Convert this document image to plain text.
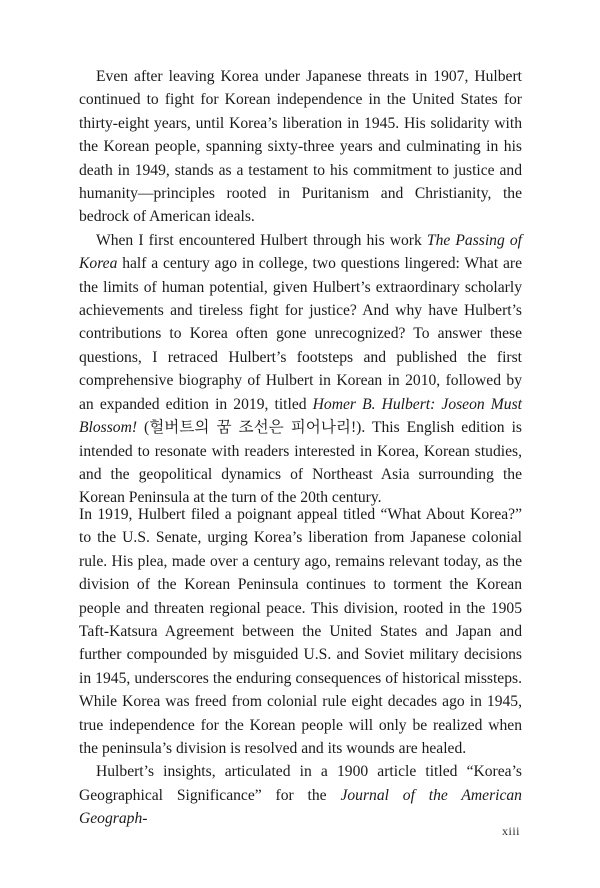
Even after leaving Korea under Japanese threats in 1907, Hulbert continued to fight for Korean independence in the United States for thirty-eight years, until Korea’s liberation in 1945. His solidarity with the Korean people, spanning sixty-three years and culminating in his death in 1949, stands as a testament to his commitment to justice and humanity—principles rooted in Puritanism and Christianity, the bedrock of American ideals.

When I first encountered Hulbert through his work The Passing of Korea half a century ago in college, two questions lingered: What are the limits of human potential, given Hulbert’s extraordinary scholarly achievements and tireless fight for justice? And why have Hulbert’s contributions to Korea often gone unrecognized? To answer these questions, I retraced Hulbert’s footsteps and published the first comprehensive biography of Hulbert in Korean in 2010, followed by an expanded edition in 2019, titled Homer B. Hulbert: Joseon Must Blossom! (헐버트의 꿈 조선은 피어나리!). This English edition is intended to resonate with readers interested in Korea, Korean studies, and the geopolitical dynamics of Northeast Asia surrounding the Korean Peninsula at the turn of the 20th century.

In 1919, Hulbert filed a poignant appeal titled “What About Korea?” to the U.S. Senate, urging Korea’s liberation from Japanese colonial rule. His plea, made over a century ago, remains relevant today, as the division of the Korean Peninsula continues to torment the Korean people and threaten regional peace. This division, rooted in the 1905 Taft-Katsura Agreement between the United States and Japan and further compounded by misguided U.S. and Soviet military decisions in 1945, underscores the enduring consequences of historical missteps. While Korea was freed from colonial rule eight decades ago in 1945, true independence for the Korean people will only be realized when the peninsula’s division is resolved and its wounds are healed.

Hulbert’s insights, articulated in a 1900 article titled “Korea’s Geographical Significance” for the Journal of the American Geograph-

xiii
